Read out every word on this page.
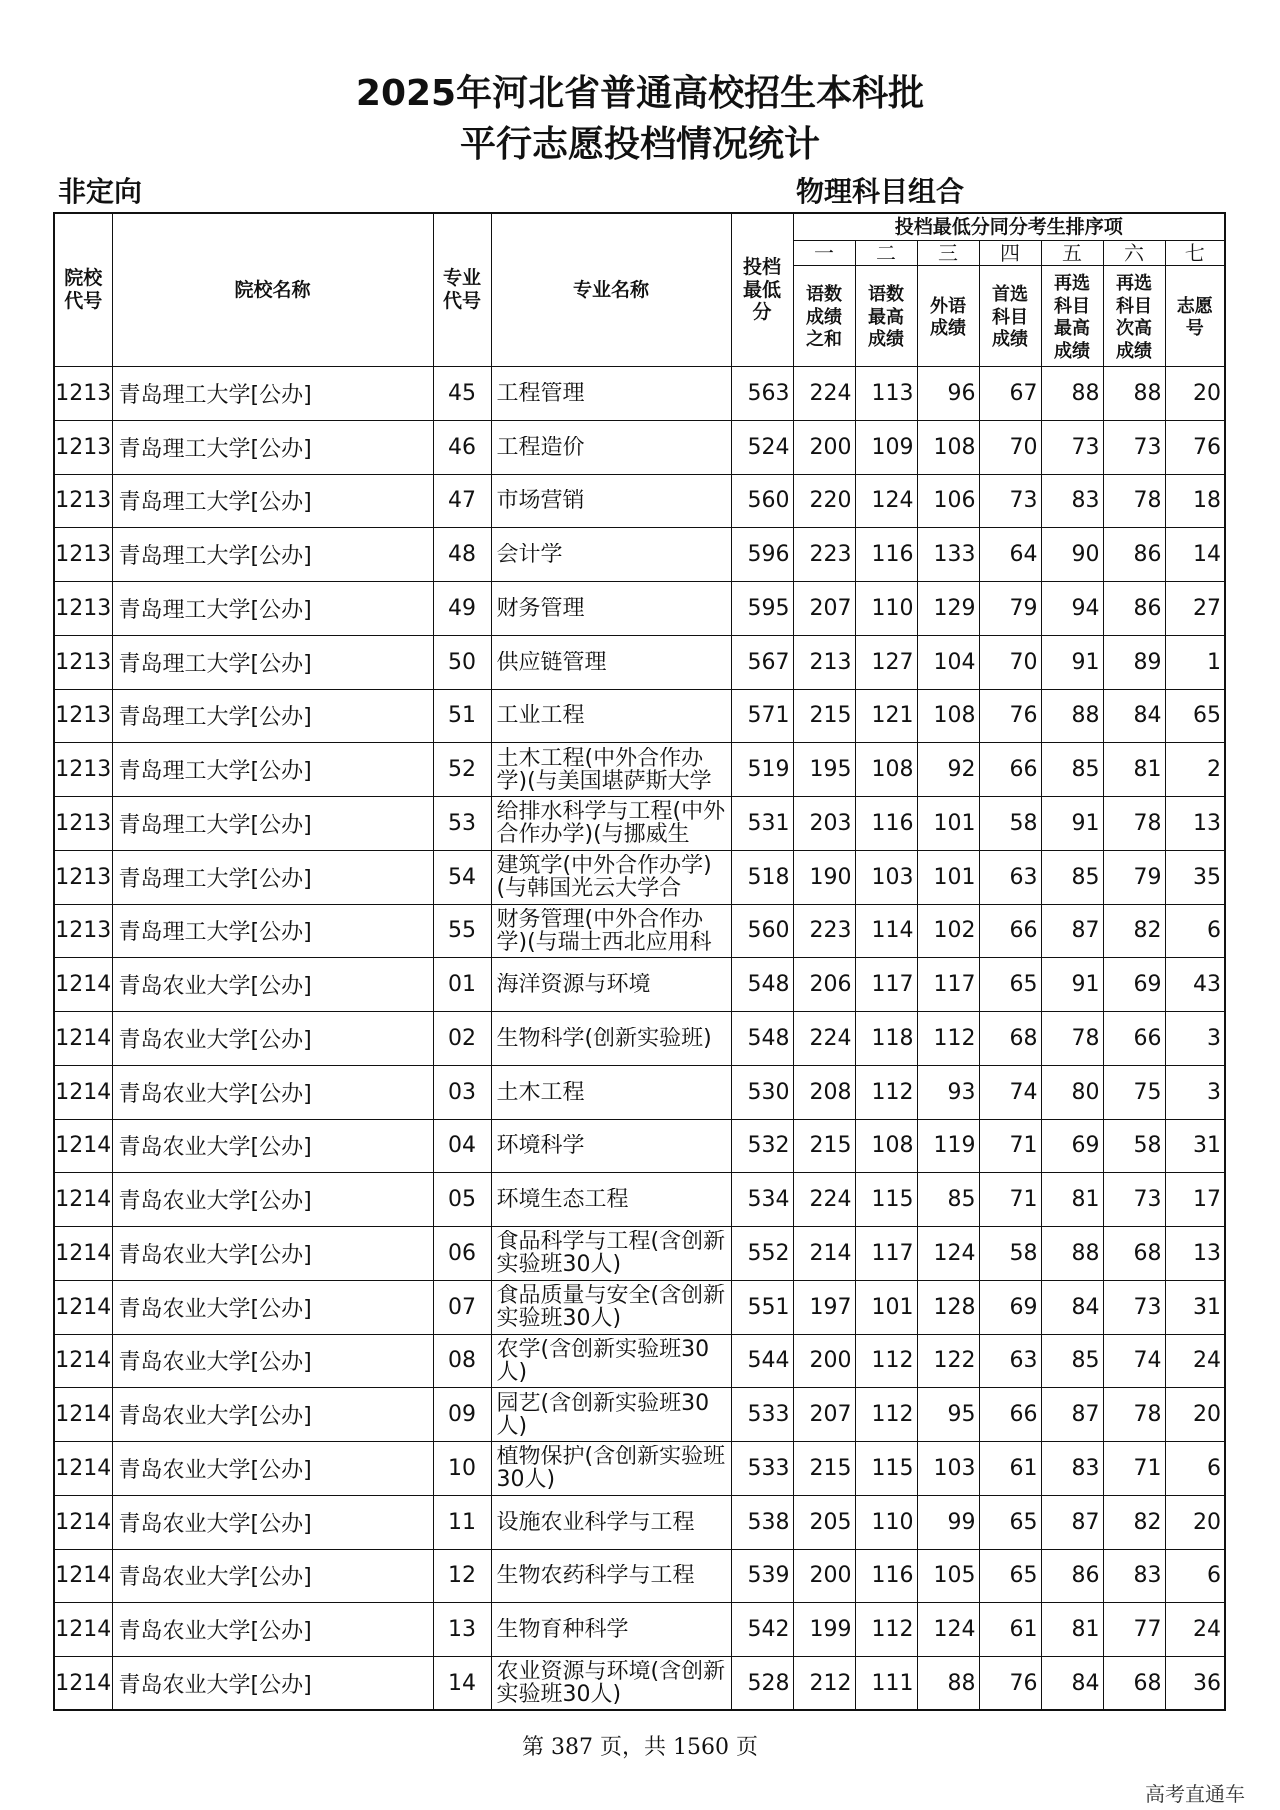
2025年河北省普通高校招生本科批
平行志愿投档情况统计
非定向	物理科目组合
院校代号	院校名称	专业代号	专业名称	投档最低分	投档最低分同分考生排序项						
					一	二	三	四	五	六	七
					语数成绩之和	语数最高成绩	外语成绩	首选科目成绩	再选科目最高成绩	再选科目次高成绩	志愿号
1213	青岛理工大学[公办]	45	工程管理	563	224	113	96	67	88	88	20
1213	青岛理工大学[公办]	46	工程造价	524	200	109	108	70	73	73	76
1213	青岛理工大学[公办]	47	市场营销	560	220	124	106	73	83	78	18
1213	青岛理工大学[公办]	48	会计学	596	223	116	133	64	90	86	14
1213	青岛理工大学[公办]	49	财务管理	595	207	110	129	79	94	86	27
1213	青岛理工大学[公办]	50	供应链管理	567	213	127	104	70	91	89	1
1213	青岛理工大学[公办]	51	工业工程	571	215	121	108	76	88	84	65
1213	青岛理工大学[公办]	52	土木工程(中外合作办学)(与美国堪萨斯大学	519	195	108	92	66	85	81	2
1213	青岛理工大学[公办]	53	给排水科学与工程(中外合作办学)(与挪威生	531	203	116	101	58	91	78	13
1213	青岛理工大学[公办]	54	建筑学(中外合作办学)(与韩国光云大学合	518	190	103	101	63	85	79	35
1213	青岛理工大学[公办]	55	财务管理(中外合作办学)(与瑞士西北应用科	560	223	114	102	66	87	82	6
1214	青岛农业大学[公办]	01	海洋资源与环境	548	206	117	117	65	91	69	43
1214	青岛农业大学[公办]	02	生物科学(创新实验班)	548	224	118	112	68	78	66	3
1214	青岛农业大学[公办]	03	土木工程	530	208	112	93	74	80	75	3
1214	青岛农业大学[公办]	04	环境科学	532	215	108	119	71	69	58	31
1214	青岛农业大学[公办]	05	环境生态工程	534	224	115	85	71	81	73	17
1214	青岛农业大学[公办]	06	食品科学与工程(含创新实验班30人)	552	214	117	124	58	88	68	13
1214	青岛农业大学[公办]	07	食品质量与安全(含创新实验班30人)	551	197	101	128	69	84	73	31
1214	青岛农业大学[公办]	08	农学(含创新实验班30人)	544	200	112	122	63	85	74	24
1214	青岛农业大学[公办]	09	园艺(含创新实验班30人)	533	207	112	95	66	87	78	20
1214	青岛农业大学[公办]	10	植物保护(含创新实验班30人)	533	215	115	103	61	83	71	6
1214	青岛农业大学[公办]	11	设施农业科学与工程	538	205	110	99	65	87	82	20
1214	青岛农业大学[公办]	12	生物农药科学与工程	539	200	116	105	65	86	83	6
1214	青岛农业大学[公办]	13	生物育种科学	542	199	112	124	61	81	77	24
1214	青岛农业大学[公办]	14	农业资源与环境(含创新实验班30人)	528	212	111	88	76	84	68	36
第 387 页，共 1560 页
高考直通车
